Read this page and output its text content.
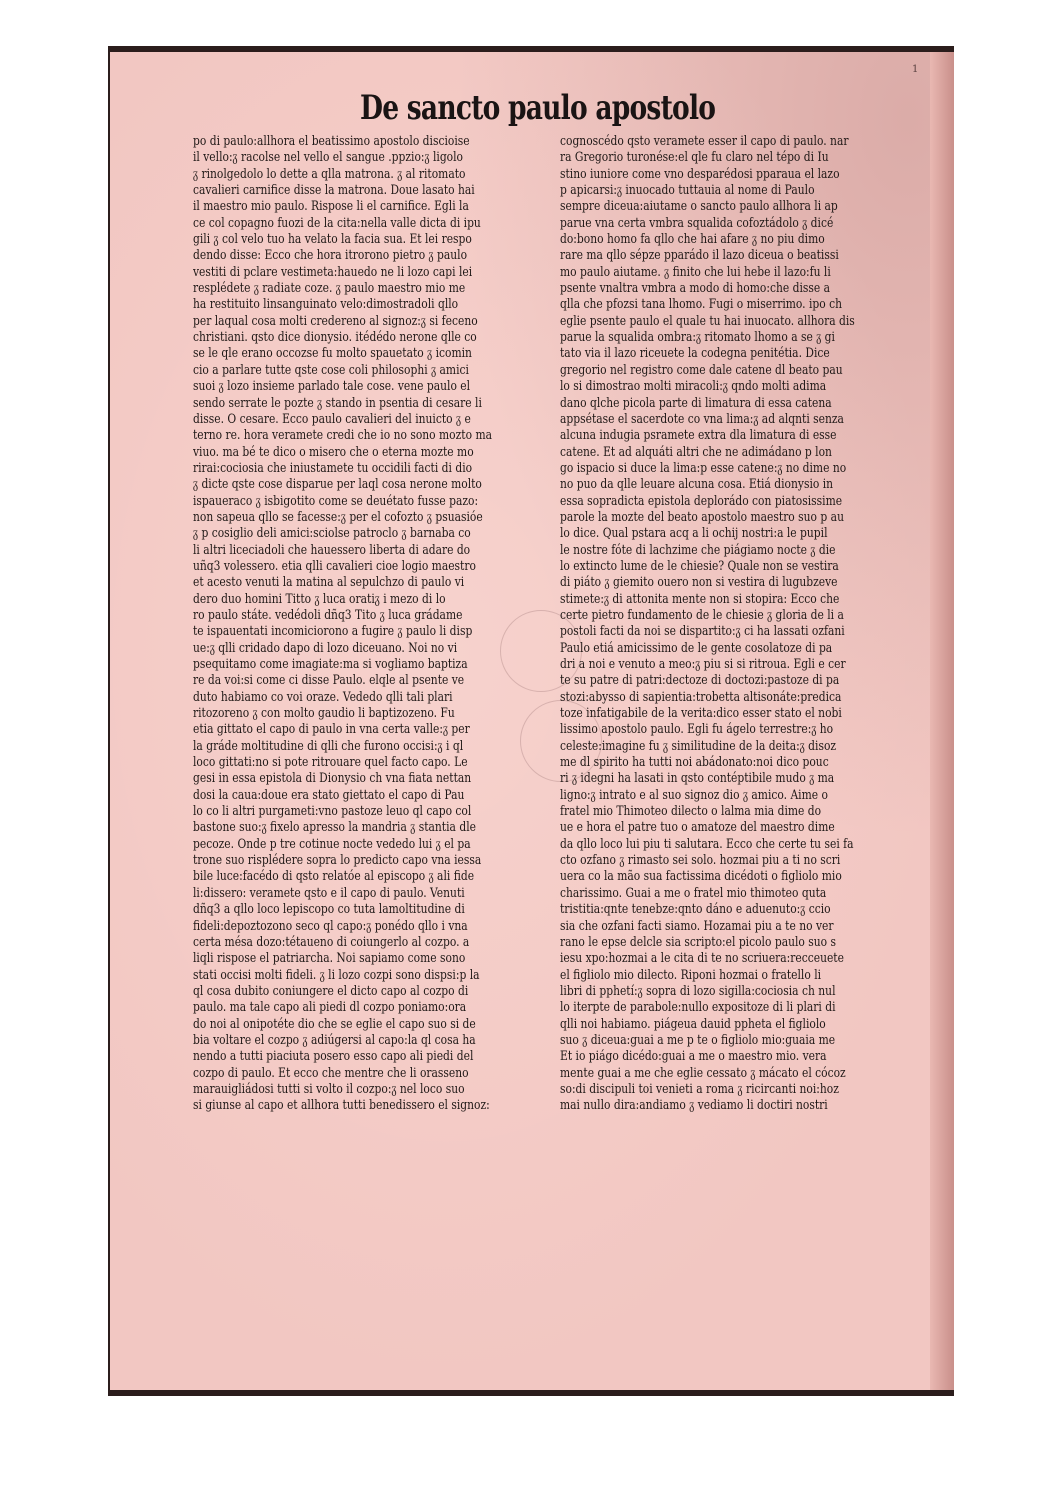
1
De sancto paulo apostolo
po di paulo:allhora el beatissimo apostolo discioise
il vello:ᵹ racolse nel vello el sangue .ppzio:ᵹ ligolo
ᵹ rinolgedolo lo dette a qlla matrona. ᵹ al ritomato
cavalieri carnifice disse la matrona. Doue lasato hai
il maestro mio paulo. Rispose li el carnifice. Egli la
ce col copagno fuozi de la cita:nella valle dicta di ipu
gili ᵹ col velo tuo ha velato la facia sua. Et lei respo
dendo disse: Ecco che hora itrorono pietro ᵹ paulo
vestiti di pclare vestimeta:hauedo ne li lozo capi lei
resplédete ᵹ radiate coze. ᵹ paulo maestro mio me
ha restituito linsanguinato velo:dimostradoli qllo
per laqual cosa molti credereno al signoz:ᵹ si feceno
christiani. qsto dice dionysio. itédédo nerone qlle co
se le qle erano occozse fu molto spauetato ᵹ icomin
cio a parlare tutte qste cose coli philosophi ᵹ amici
suoi ᵹ lozo insieme parlado tale cose. vene paulo el
sendo serrate le pozte ᵹ stando in psentia di cesare li
disse. O cesare. Ecco paulo cavalieri del inuicto ᵹ e
terno re. hora veramete credi che io no sono mozto ma
viuo. ma bé te dico o misero che o eterna mozte mo
rirai:cociosia che iniustamete tu occidili facti di dio
ᵹ dicte qste cose disparue per laql cosa nerone molto
ispaueraco ᵹ isbigotito come se deuétato fusse pazo:
non sapeua qllo se facesse:ᵹ per el cofozto ᵹ psuasióe
ᵹ p cosiglio deli amici:sciolse patroclo ᵹ barnaba co
li altri liceciadoli che hauessero liberta di adare do
uñq3 volessero. etia qlli cavalieri cioe logio maestro
et acesto venuti la matina al sepulchzo di paulo vi
dero duo homini Titto ᵹ luca oratiᵹ i mezo di lo
ro paulo státe. vedédoli dñq3 Tito ᵹ luca grádame
te ispauentati incomiciorono a fugire ᵹ paulo li disp
ue:ᵹ qlli cridado dapo di lozo diceuano. Noi no vi
psequitamo come imagiate:ma si vogliamo baptiza
re da voi:si come ci disse Paulo. elqle al psente ve
duto habiamo co voi oraze. Vededo qlli tali plari
ritozoreno ᵹ con molto gaudio li baptizozeno. Fu
etia gittato el capo di paulo in vna certa valle:ᵹ per
la gráde moltitudine di qlli che furono occisi:ᵹ i ql
loco gittati:no si pote ritrouare quel facto capo. Le
gesi in essa epistola di Dionysio ch vna fiata nettan
dosi la caua:doue era stato giettato el capo di Pau
lo co li altri purgameti:vno pastoze leuo ql capo col
bastone suo:ᵹ fixelo apresso la mandria ᵹ stantia dle
pecoze. Onde p tre cotinue nocte vededo lui ᵹ el pa
trone suo risplédere sopra lo predicto capo vna iessa
bile luce:facédo di qsto relatóe al episcopo ᵹ ali fide
li:dissero: veramete qsto e il capo di paulo. Venuti
dñq3 a qllo loco lepiscopo co tuta lamoltitudine di
fideli:depoztozono seco ql capo:ᵹ ponédo qllo i vna
certa mésa dozo:tétaueno di coiungerlo al cozpo. a
liqli rispose el patriarcha. Noi sapiamo come sono
stati occisi molti fideli. ᵹ li lozo cozpi sono dispsi:p la
ql cosa dubito coniungere el dicto capo al cozpo di
paulo. ma tale capo ali piedi dl cozpo poniamo:ora
do noi al onipotéte dio che se eglie el capo suo si de
bia voltare el cozpo ᵹ adiúgersi al capo:la ql cosa ha
nendo a tutti piaciuta posero esso capo ali piedi del
cozpo di paulo. Et ecco che mentre che li orasseno
marauigliádosi tutti si volto il cozpo:ᵹ nel loco suo
si giunse al capo et allhora tutti benedissero el signoz:
cognoscédo qsto veramete esser il capo di paulo. nar
ra Gregorio turonése:el qle fu claro nel tépo di Iu
stino iuniore come vno desparédosi pparaua el lazo
p apicarsi:ᵹ inuocado tuttauia al nome di Paulo
sempre diceua:aiutame o sancto paulo allhora li ap
parue vna certa vmbra squalida cofoztádolo ᵹ dicé
do:bono homo fa qllo che hai afare ᵹ no piu dimo
rare ma qllo sépze pparádo il lazo diceua o beatissi
mo paulo aiutame. ᵹ finito che lui hebe il lazo:fu li
psente vnaltra vmbra a modo di homo:che disse a
qlla che pfozsi tana lhomo. Fugi o miserrimo. ipo ch
eglie psente paulo el quale tu hai inuocato. allhora dis
parue la squalida ombra:ᵹ ritomato lhomo a se ᵹ gi
tato via il lazo riceuete la codegna penitétia. Dice
gregorio nel registro come dale catene dl beato pau
lo si dimostrao molti miracoli:ᵹ qndo molti adima
dano qlche picola parte di limatura di essa catena
appsétase el sacerdote co vna lima:ᵹ ad alqnti senza
alcuna indugia psramete extra dla limatura di esse
catene. Et ad alquáti altri che ne adimádano p lon
go ispacio si duce la lima:p esse catene:ᵹ no dime no
no puo da qlle leuare alcuna cosa. Etiá dionysio in
essa sopradicta epistola deplorádo con piatosissime
parole la mozte del beato apostolo maestro suo p au
lo dice. Qual pstara acq a li ochij nostri:a le pupil
le nostre fóte di lachzime che piágiamo nocte ᵹ die
lo extincto lume de le chiesie? Quale non se vestira
di piáto ᵹ giemito ouero non si vestira di lugubzeve
stimete:ᵹ di attonita mente non si stopira: Ecco che
certe pietro fundamento de le chiesie ᵹ gloria de li a
postoli facti da noi se dispartito:ᵹ ci ha lassati ozfani
Paulo etiá amicissimo de le gente cosolatoze di pa
dri a noi e venuto a meo:ᵹ piu si si ritroua. Egli e cer
te su patre di patri:dectoze di doctozi:pastoze di pa
stozi:abysso di sapientia:trobetta altisonáte:predica
toze infatigabile de la verita:dico esser stato el nobi
lissimo apostolo paulo. Egli fu ágelo terrestre:ᵹ ho
celeste:imagine fu ᵹ similitudine de la deita:ᵹ disoz
me dl spirito ha tutti noi abádonato:noi dico pouc
ri ᵹ idegni ha lasati in qsto contéptibile mudo ᵹ ma
ligno:ᵹ intrato e al suo signoz dio ᵹ amico. Aime o
fratel mio Thimoteo dilecto o lalma mia dime do
ue e hora el patre tuo o amatoze del maestro dime
da qllo loco lui piu ti salutara. Ecco che certe tu sei fa
cto ozfano ᵹ rimasto sei solo. hozmai piu a ti no scri
uera co la mão sua factissima dicédoti o figliolo mio
charissimo. Guai a me o fratel mio thimoteo quta
tristitia:qnte tenebze:qnto dáno e aduenuto:ᵹ ccio
sia che ozfani facti siamo. Hozamai piu a te no ver
rano le epse delcle sia scripto:el picolo paulo suo s
iesu xpo:hozmai a le cita di te no scriuera:recceuete
el figliolo mio dilecto. Riponi hozmai o fratello li
libri di pphetí:ᵹ sopra di lozo sigilla:cociosia ch nul
lo iterpte de parabole:nullo expositoze di li plari di
qlli noi habiamo. piágeua dauid ppheta el figliolo
suo ᵹ diceua:guai a me p te o figliolo mio:guaia me
Et io piágo dicédo:guai a me o maestro mio. vera
mente guai a me che eglie cessato ᵹ mácato el cócoz
so:di discipuli toi venieti a roma ᵹ ricircanti noi:hoz
mai nullo dira:andiamo ᵹ vediamo li doctiri nostri
